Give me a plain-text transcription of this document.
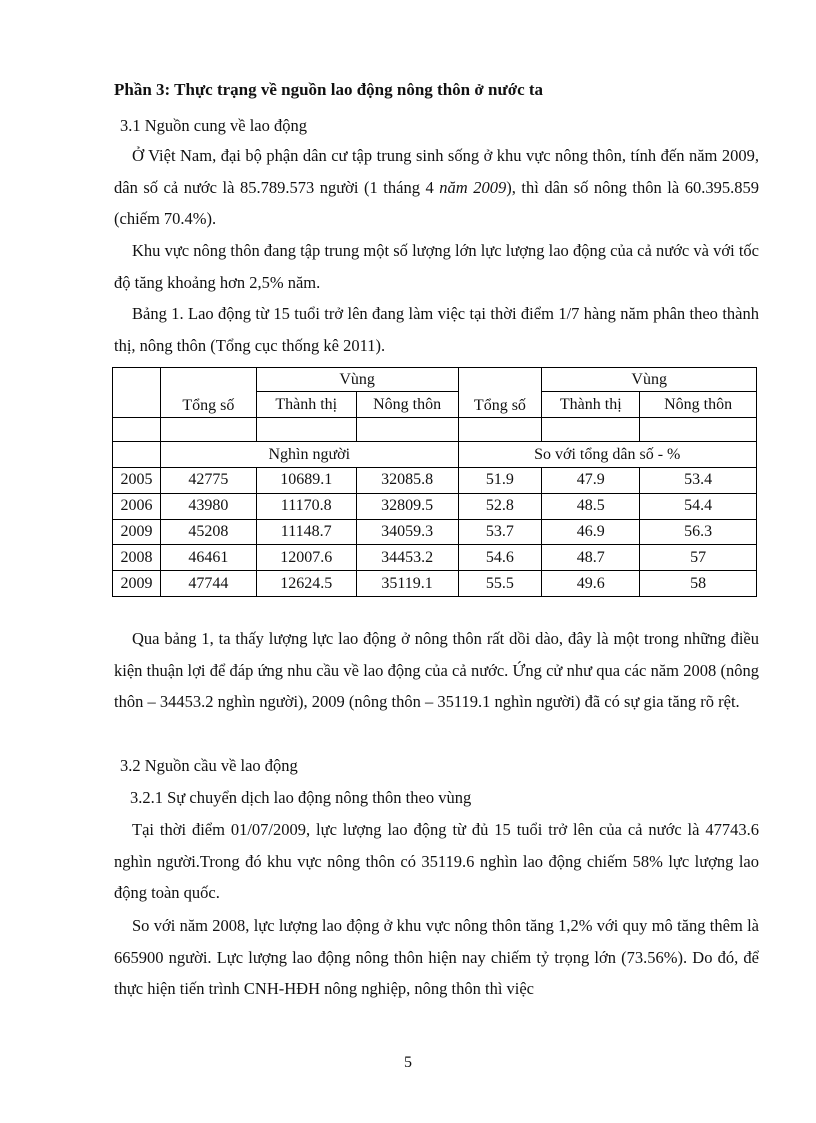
Phần 3: Thực trạng về nguồn lao động nông thôn ở nước ta
3.1 Nguồn cung về lao động
Ở Việt Nam, đại bộ phận dân cư tập trung sinh sống ở khu vực nông thôn, tính đến năm 2009, dân số cả nước là 85.789.573 người (1 tháng 4 năm 2009), thì dân số nông thôn là 60.395.859 (chiếm 70.4%).
Khu vực nông thôn đang tập trung một số lượng lớn lực lượng lao động của cả nước và với tốc độ tăng khoảng hơn 2,5% năm.
Bảng 1. Lao động từ 15 tuổi trở lên đang làm việc tại thời điểm 1/7 hàng năm phân theo thành thị, nông thôn (Tổng cục thống kê 2011).
	Tổng số	Vùng		Tổng số	Vùng	
		Thành thị	Nông thôn		Thành thị	Nông thôn

	Nghìn người			So với tổng dân số - %		
2005	42775	10689.1	32085.8	51.9	47.9	53.4
2006	43980	11170.8	32809.5	52.8	48.5	54.4
2009	45208	11148.7	34059.3	53.7	46.9	56.3
2008	46461	12007.6	34453.2	54.6	48.7	57
2009	47744	12624.5	35119.1	55.5	49.6	58
Qua bảng 1, ta thấy lượng lực lao động ở nông thôn rất dồi dào, đây là một trong những điều kiện thuận lợi để đáp ứng nhu cầu về lao động của cả nước. Ứng cử như qua các năm 2008 (nông thôn – 34453.2 nghìn người), 2009 (nông thôn – 35119.1 nghìn người) đã có sự gia tăng rõ rệt.
3.2 Nguồn cầu về lao động
3.2.1 Sự chuyển dịch lao động nông thôn theo vùng
Tại thời điểm 01/07/2009, lực lượng lao động từ đủ 15 tuổi trở lên của cả nước là 47743.6 nghìn người.Trong đó khu vực nông thôn có 35119.6 nghìn lao động chiếm 58% lực lượng lao động toàn quốc.
So với năm 2008, lực lượng lao động ở khu vực nông thôn tăng 1,2% với quy mô tăng thêm là 665900 người. Lực lượng lao động nông thôn hiện nay chiếm tỷ trọng lớn (73.56%). Do đó, để thực hiện tiến trình CNH-HĐH nông nghiệp, nông thôn thì việc
5
